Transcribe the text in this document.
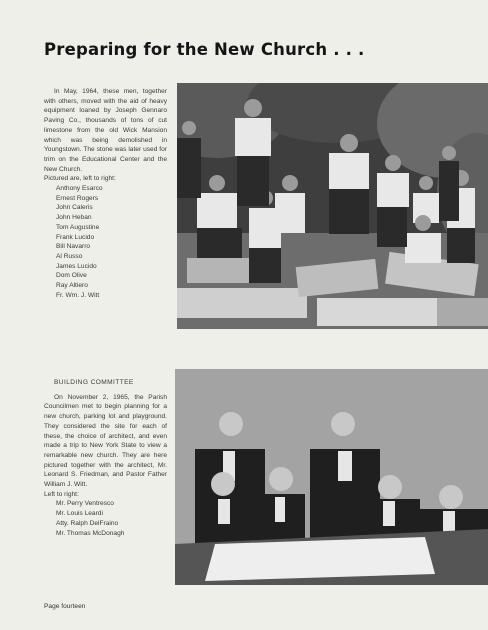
Preparing for the New Church . . .

In May, 1964, these men, together with others, moved with the aid of heavy equipment loaned by Joseph Gennaro Paving Co., thousands of tons of cut limestone from the old Wick Mansion which was being demolished in Youngstown. The stone was later used for trim on the Educational Center and the New Church.

Pictured are, left to right:

Anthony Esarco
Ernest Rogers
John Caleris
John Heban
Tom Augustine
Frank Lucido
Bill Navarro
Al Russo
James Lucido
Dom Olive
Ray Altiero
Fr. Wm. J. Witt

BUILDING COMMITTEE

On November 2, 1965, the Parish Councilmen met to begin planning for a new church, parking lot and playground. They considered the site for each of these, the choice of architect, and even made a trip to New York State to view a remarkable new church. They are here pictured together with the architect, Mr. Leonard S. Friedman, and Pastor Father William J. Witt.

Left to right:

Mr. Perry Ventresco
Mr. Louis Leardi
Atty. Ralph DelFraino
Mr. Thomas McDonagh
Page fourteen
